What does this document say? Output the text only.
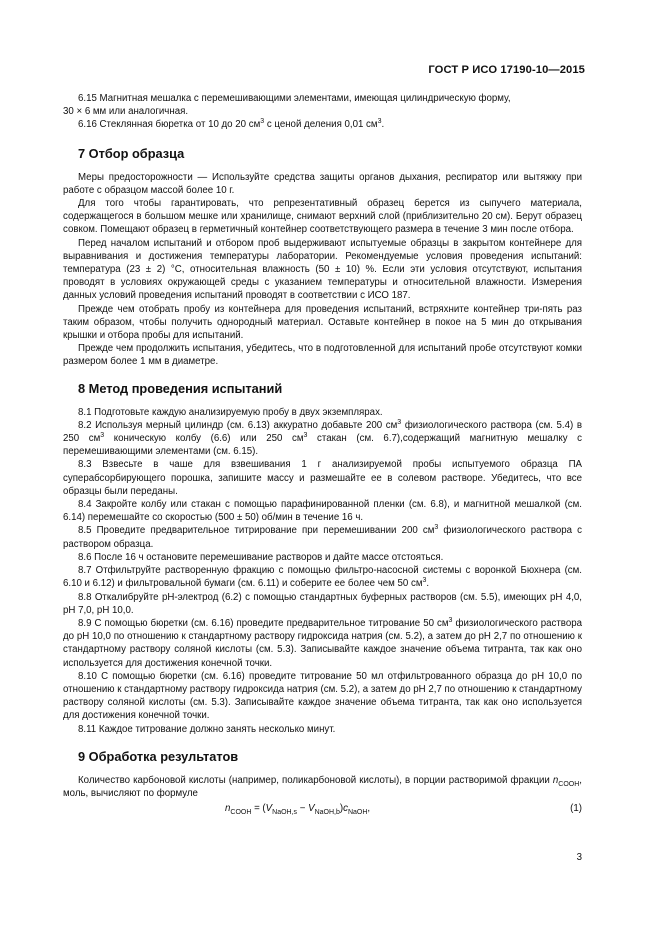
ГОСТ Р ИСО 17190-10—2015

6.15 Магнитная мешалка с перемешивающими элементами, имеющая цилиндрическую форму,

30 × 6 мм или аналогичная.

6.16 Стеклянная бюретка от 10 до 20 $см^3$ с ценой деления 0,01 $см^3$.

7 Отбор образца

Меры предосторожности — Используйте средства защиты органов дыхания, респиратор или вытяжку при работе с образцом массой более 10 г.

Для того чтобы гарантировать, что репрезентативный образец берется из сыпучего материала, содержащегося в большом мешке или хранилище, снимают верхний слой (приблизительно 20 см). Берут образец совком. Помещают образец в герметичный контейнер соответствующего размера в течение 3 мин после отбора.

Перед началом испытаний и отбором проб выдерживают испытуемые образцы в закрытом контейнере для выравнивания и достижения температуры лаборатории. Рекомендуемые условия проведения испытаний: температура (23 ± 2) °С, относительная влажность (50 ± 10) %. Если эти условия отсутствуют, испытания проводят в условиях окружающей среды с указанием температуры и относительной влажности. Измерения данных условий проведения испытаний проводят в соответствии с ИСО 187.

Прежде чем отобрать пробу из контейнера для проведения испытаний, встряхните контейнер три-пять раз таким образом, чтобы получить однородный материал. Оставьте контейнер в покое на 5 мин до открывания крышки и отбора пробы для испытаний.

Прежде чем продолжить испытания, убедитесь, что в подготовленной для испытаний пробе отсутствуют комки размером более 1 мм в диаметре.

8 Метод проведения испытаний

8.1 Подготовьте каждую анализируемую пробу в двух экземплярах.

8.2 Используя мерный цилиндр (см. 6.13) аккуратно добавьте 200 $см^3$ физиологического раствора (см. 5.4) в 250 $см^3$ коническую колбу (6.6) или 250 $см^3$ стакан (см. 6.7),содержащий магнитную мешалку с перемешивающими элементами (см. 6.15).

8.3 Взвесьте в чаше для взвешивания 1 г анализируемой пробы испытуемого образца ПА суперабсорбирующего порошка, запишите массу и размешайте ее в солевом растворе. Убедитесь, что все образцы были переданы.

8.4 Закройте колбу или стакан с помощью парафинированной пленки (см. 6.8), и магнитной мешалкой (см. 6.14) перемешайте со скоростью (500 ± 50) об/мин в течение 16 ч.

8.5 Проведите предварительное титрирование при перемешивании 200 $см^3$ физиологического раствора с раствором образца.

8.6 После 16 ч остановите перемешивание растворов и дайте массе отстояться.

8.7 Отфильтруйте растворенную фракцию с помощью фильтро-насосной системы с воронкой Бюхнера (см. 6.10 и 6.12) и фильтровальной бумаги (см. 6.11) и соберите ее более чем 50 $см^3$.

8.8 Откалибруйте pH-электрод (6.2) с помощью стандартных буферных растворов (см. 5.5), имеющих pH 4,0, pH 7,0, pH 10,0.

8.9 С помощью бюретки (см. 6.16) проведите предварительное титрование 50 $см^3$ физиологического раствора до pH 10,0 по отношению к стандартному раствору гидроксида натрия (см. 5.2), а затем до pH 2,7 по отношению к стандартному раствору соляной кислоты (см. 5.3). Записывайте каждое значение объема титранта, так как оно используется для достижения конечной точки.

8.10 С помощью бюретки (см. 6.16) проведите титрование 50 мл отфильтрованного образца до pH 10,0 по отношению к стандартному раствору гидроксида натрия (см. 5.2), а затем до pH 2,7 по отношению к стандартному раствору соляной кислоты (см. 5.3). Записывайте каждое значение объема титранта, так как оно используется для достижения конечной точки.

8.11 Каждое титрование должно занять несколько минут.

9 Обработка результатов

Количество карбоновой кислоты (например, поликарбоновой кислоты), в порции растворимой фракции $n_{COOH}$, моль, вычисляют по формуле

$n_{COOH} = (V_{NaOH,s} - V_{NaOH,b})c_{NaOH}$,	(1)
3
